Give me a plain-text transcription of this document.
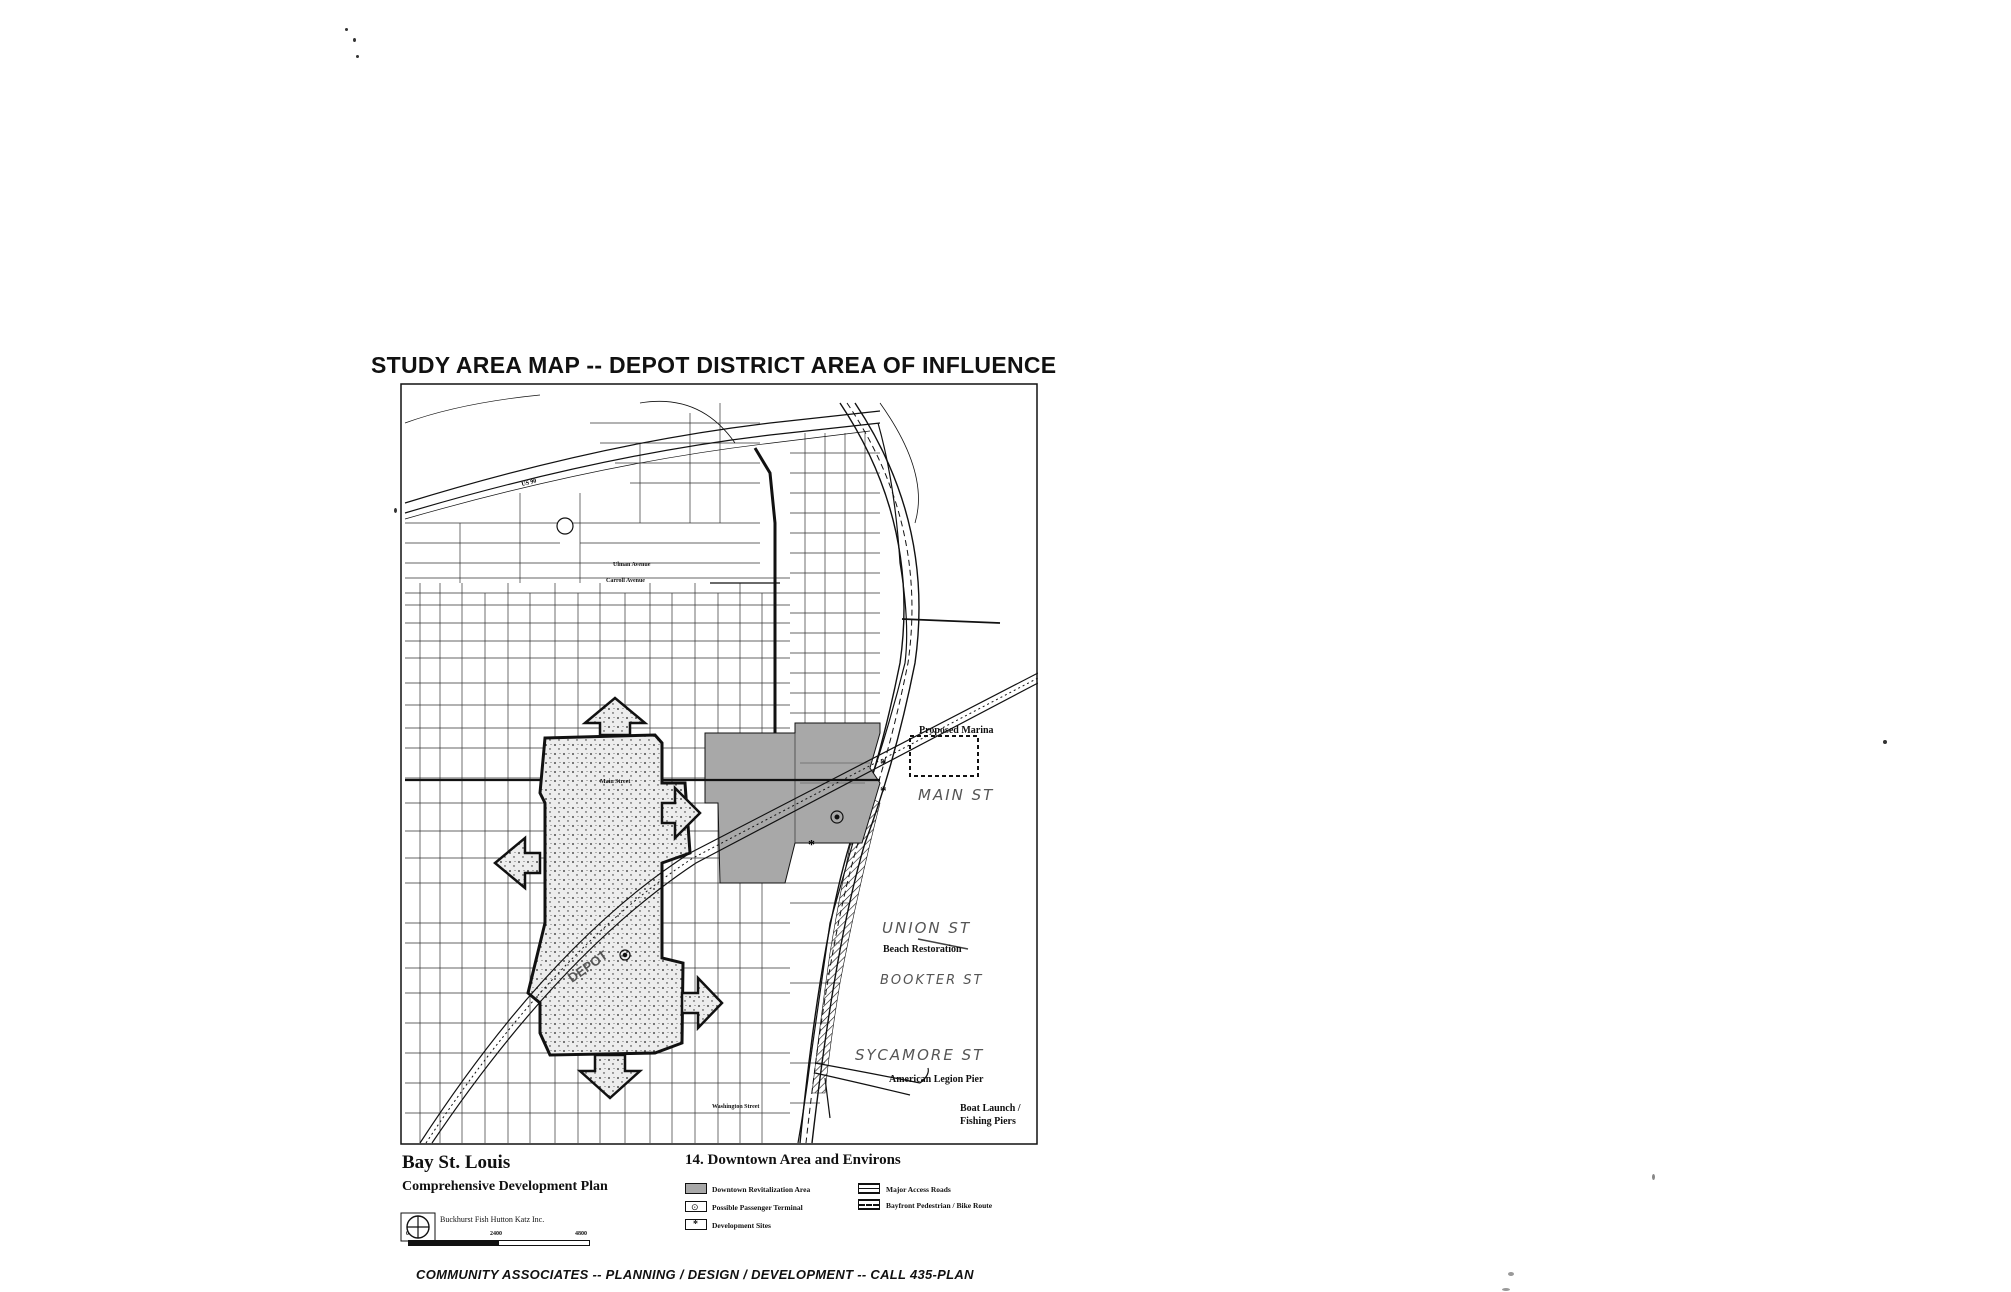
STUDY AREA MAP -- DEPOT DISTRICT AREA OF INFLUENCE
US 90
DEPOT
*
*
*
Ulman Avenue
Carroll Avenue
Main Street
Washington Street
Proposed Marina
Beach Restoration
American Legion Pier
Boat Launch /
Fishing Piers
MAIN ST
UNION ST
BOOKTER ST
SYCAMORE ST
Bay St. Louis
Comprehensive Development Plan
Buckhurst Fish Hutton Katz Inc.
0	2400	4800
14. Downtown Area and Environs
Downtown Revitalization Area
⊙ Possible Passenger Terminal
* Development Sites
Major Access Roads
Bayfront Pedestrian / Bike Route
COMMUNITY ASSOCIATES -- PLANNING / DESIGN / DEVELOPMENT -- CALL 435-PLAN
